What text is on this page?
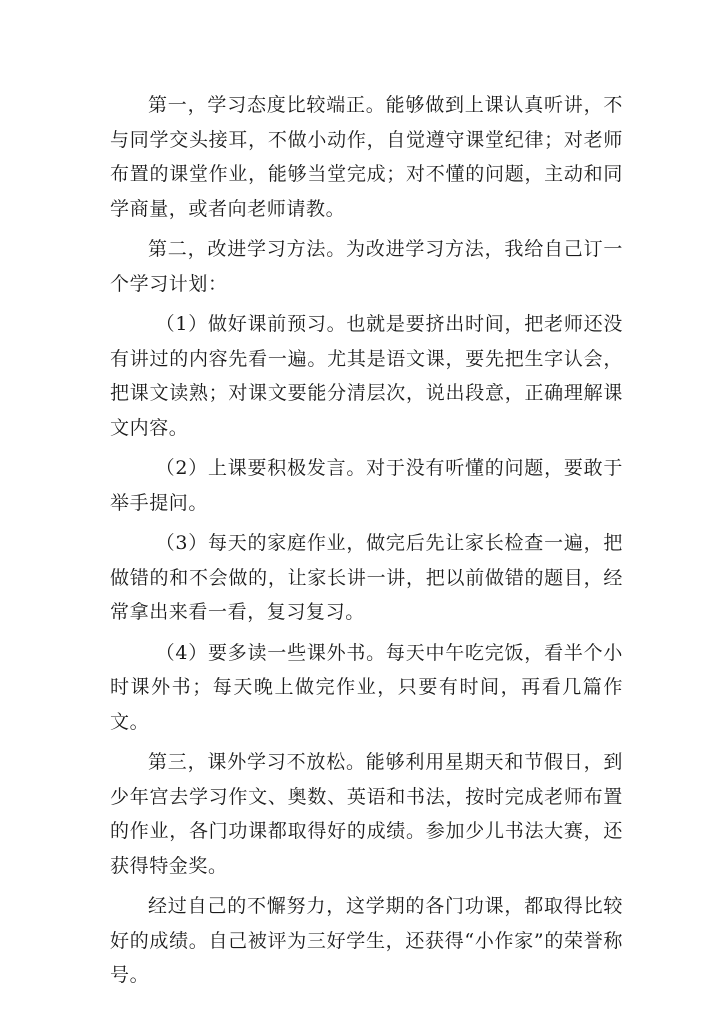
第一，学习态度比较端正。能够做到上课认真听讲，不与同学交头接耳，不做小动作，自觉遵守课堂纪律；对老师布置的课堂作业，能够当堂完成；对不懂的问题，主动和同学商量，或者向老师请教。

第二，改进学习方法。为改进学习方法，我给自己订一个学习计划：

（1）做好课前预习。也就是要挤出时间，把老师还没有讲过的内容先看一遍。尤其是语文课，要先把生字认会，把课文读熟；对课文要能分清层次，说出段意，正确理解课文内容。

（2）上课要积极发言。对于没有听懂的问题，要敢于举手提问。

（3）每天的家庭作业，做完后先让家长检查一遍，把做错的和不会做的，让家长讲一讲，把以前做错的题目，经常拿出来看一看，复习复习。

（4）要多读一些课外书。每天中午吃完饭，看半个小时课外书；每天晚上做完作业，只要有时间，再看几篇作文。

第三，课外学习不放松。能够利用星期天和节假日，到少年宫去学习作文、奥数、英语和书法，按时完成老师布置的作业，各门功课都取得好的成绩。参加少儿书法大赛，还获得特金奖。

经过自己的不懈努力，这学期的各门功课，都取得比较好的成绩。自己被评为三好学生，还获得“小作家”的荣誉称号。
